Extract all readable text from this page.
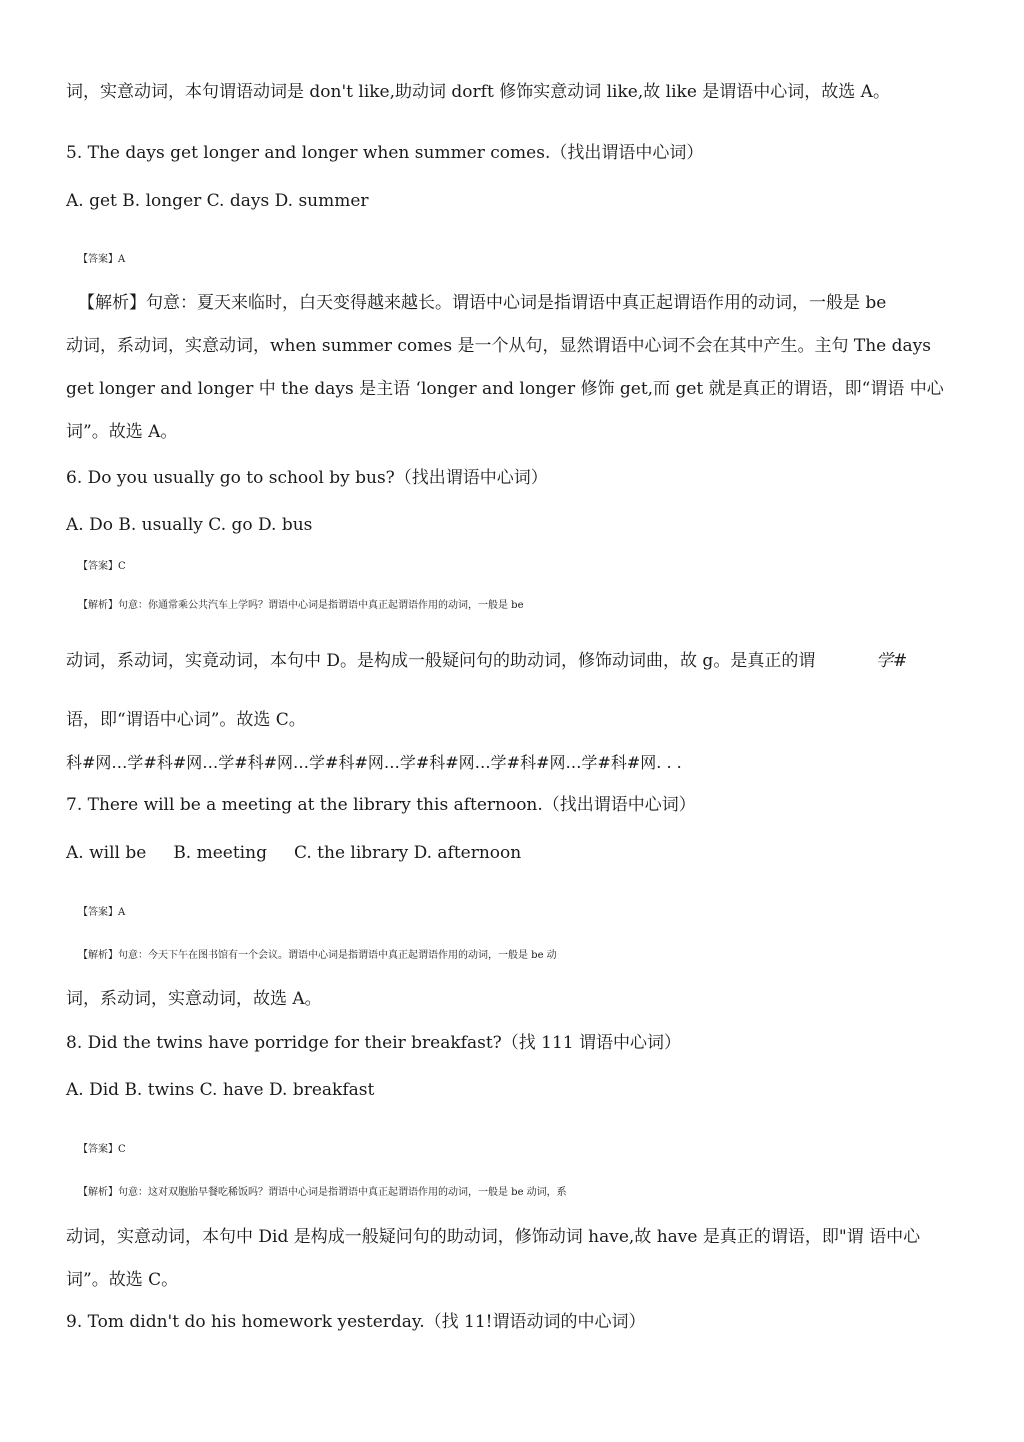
词，实意动词，本句谓语动词是 don't like,助动词 dorft 修饰实意动词 like,故 like 是谓语中心词，故选 A。
5. The days get longer and longer when summer comes.（找出谓语中心词）
A. get B. longer C. days D. summer
【答案】A
【解析】句意：夏天来临时，白天变得越来越长。谓语中心词是指谓语中真正起谓语作用的动词，一般是 be
动词，系动词，实意动词，when summer comes 是一个从句，显然谓语中心词不会在其中产生。主句 The days
get longer and longer 中 the days 是主语 ‘longer and longer 修饰 get,而 get 就是真正的谓语，即“谓语 中心
词”。故选 A。
6. Do you usually go to school by bus?（找出谓语中心词）
A. Do B. usually C. go D. bus
【答案】C
【解析】句意：你通常乘公共汽车上学吗？谓语中心词是指谓语中真正起谓语作用的动词，一般是 be
动词，系动词，实竟动词，本句中 D。是构成一般疑问句的助动词，修饰动词曲，故 g。是真正的谓	学#
语，即“谓语中心词”。故选 C。
科#网…学#科#网…学#科#网…学#科#网…学#科#网…学#科#网…学#科#网. . .
7. There will be a meeting at the library this afternoon.（找出谓语中心词）
A. will be     B. meeting     C. the library D. afternoon
【答案】A
【解析】句意：今天下午在图书馆有一个会议。谓语中心词是指谓语中真正起谓语作用的动词，一般是 be 动
词，系动词，实意动词，故选 A。
8. Did the twins have porridge for their breakfast?（找 111 谓语中心词）
A. Did B. twins C. have D. breakfast
【答案】C
【解析】句意：这对双胞胎早餐吃稀饭吗？谓语中心词是指谓语中真正起谓语作用的动词，一般是 be 动词，系
动词，实意动词，本句中 Did 是构成一般疑问句的助动词，修饰动词 have,故 have 是真正的谓语，即"谓 语中心
词”。故选 C。
9. Tom didn't do his homework yesterday.（找 11!谓语动词的中心词）
